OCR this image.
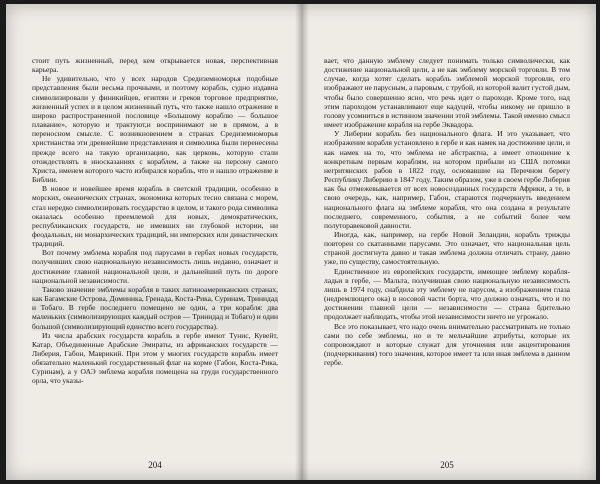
стоит путь жизненный, перед кем открывается новая, перспективная карьера.

Не удивительно, что у всех народов Средиземноморья подобные представления были весьма прочными, и поэтому корабль, судно издавна символизировали у финикийцев, египтян и греков торговое предприятие, жизненный успех и в целом жизненный путь, что также нашло отражение в широко распространенной пословице «Большому кораблю — большое плавание», которую и трактуют,и воспринимают не в прямом, а в переносном смысле. С возникновением в странах Средиземноморья христианства эти древнейшие представления и символика были перенесены прежде всего на такую организацию, как церковь, которую стали отождествлять в иносказаниях с кораблем, а также на персону самого Христа, именем которого часто избирался корабль, что и нашло отражение в Библии.

В новое и новейшее время корабль в светской традиции, особенно в морских, океанических странах, экономика которых тесно связана с морем, стал нередко символизировать государство в целом, и такого рода символика оказалась особенно преемлемой для новых, демократических, республиканских государств, не имевших ни глубокой истории, ни феодальных, ни монархических традиций, ни имперских или династических традиций.

Вот почему эмблема корабля под парусами в гербах новых государств, получивших свою национальную независимость лишь недавно, означает и достижение главной национальной цели, и дальнейший путь по дороге национальной независимости.

Таково значение эмблемы корабля в таких латиноамериканских странах, как Багамские Острова, Доминика, Гренада, Коста-Рика, Суринам, Тринидад и Тобаго. В гербе последнего помещено не один, а три корабля: два маленьких (символизирующих каждый остров — Тринидад и Тобаго) и один большой (символизирующий единство всего государства).

Из числа арабских государств корабль в гербе имеют Тунис, Кувейт, Катар, Объединенные Арабские Эмираты, из африканских государств — Либерия, Габон, Маврикий. При этом у многих государств корабль имеет обязательно маленький государственный флаг на корме (Габон, Коста-Рика, Суринам), а у ОАЭ эмблема корабля помещена на груди государственного орла, что указы-

204

вает, что данную эмблему следует понимать только символически, как достижение национальной цели, а не как эмблему морской торговли. В том случае, когда хотят сделать корабль эмблемой морской торговли, его изображают не парусным, а паровым, с трубой, из которой валит густой дым, чтобы было совершенно ясно, что речь идет о пароходе. Кроме того, над этим пароходом устанавливают еще кадуцей, чтобы никому не пришло в голову усомниться в истинном значении этой эмблемы. Такой именно смысл имеет изображение корабля на гербе Эквадора.

У Либерии корабль без национального флага. И это указывает, что изображение корабля установлено в гербе и как намек на достижение цели, и как намек на то, что эмблема не абстрактна, а имеет отношение к конкретным первым кораблям, на котором прибыли из США потомки негритянских рабов в 1822 году, основавшие на Перечном берегу Республику Либерию в 1847 году. Таким образом, уже в своем гербе Либерия как бы отмежевывается от всех новосозданных государств Африки, а те, в свою очередь, как, например, Габон, стараются подчеркнуть введением национального флага на эмблеме корабля, что она создана в результате последнего, современного, события, а не событий более чем полуторавековой давности.

Иногда, как, например, на гербе Новой Зеландии, корабль трижды повторен со скатанными парусами. Это означает, что национальная цель страной достигнута давно и такая эмблема должна отличать страну, давно уже, по существу, самостоятельную.

Единственное из европейских государств, имеющее эмблему корабля-ладьи в гербе, — Мальта, получившая свою национальную независимость лишь в 1974 году, снабдила эту эмблему не парусом, а изображением глаза (недремлющего ока) в носовой части борта, что должно означать, что и по достижении главной цели — независимости — страна бдительно продолжает наблюдать, чтобы этой независимости ничто не угрожало.

Все это показывает, что надо очень внимательно рассматривать не только сами по себе эмблемы, но и те мельчайшие атрибуты, которые их сопровождают и которые служат для уточнения или акцентирования (подчеркивания) того значения, которое имеет та или иная эмблема в данном гербе.

205
